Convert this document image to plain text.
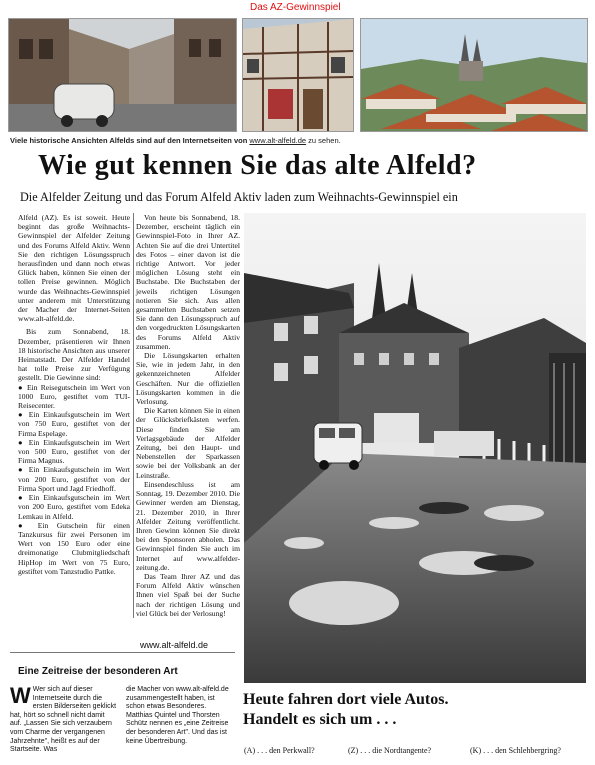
Das AZ-Gewinnspiel
Viele historische Ansichten Alfelds sind auf den Internetseiten von www.alt-alfeld.de zu sehen.
Wie gut kennen Sie das alte Alfeld?
Die Alfelder Zeitung und das Forum Alfeld Aktiv laden zum Weihnachts-Gewinnspiel ein

Alfeld (AZ). Es ist soweit. Heute beginnt das große Weihnachts-Gewinnspiel der Alfelder Zeitung und des Forums Alfeld Aktiv. Wenn Sie den richtigen Lösungsspruch herausfinden und dann noch etwas Glück haben, können Sie einen der tollen Preise gewinnen. Möglich wurde das Weihnachts-Gewinnspiel unter anderem mit Unterstützung der Macher der Internet-Seiten www.alt-alfeld.de.

Bis zum Sonnabend, 18. Dezember, präsentieren wir Ihnen 18 historische Ansichten aus unserer Heimatstadt. Der Alfelder Handel hat tolle Preise zur Verfügung gestellt. Die Gewinne sind:

● Ein Reisegutschein im Wert von 1000 Euro, gestiftet vom TUI-Reisecenter.
● Ein Einkaufsgutschein im Wert von 750 Euro, gestiftet von der Firma Espelage.
● Ein Einkaufsgutschein im Wert von 500 Euro, gestiftet von der Firma Magnus.
● Ein Einkaufsgutschein im Wert von 200 Euro, gestiftet von der Firma Sport und Jagd Friedhoff.
● Ein Einkaufsgutschein im Wert von 200 Euro, gestiftet vom Edeka Lemkau in Alfeld.
● Ein Gutschein für einen Tanzkursus für zwei Personen im Wert von 150 Euro oder eine dreimonatige Clubmitgliedschaft HipHop im Wert von 75 Euro, gestiftet vom Tanzstudio Pattke.

Von heute bis Sonnabend, 18. Dezember, erscheint täglich ein Gewinnspiel-Foto in Ihrer AZ. Achten Sie auf die drei Untertitel des Fotos – einer davon ist die richtige Antwort. Vor jeder möglichen Lösung steht ein Buchstabe. Die Buchstaben der jeweils richtigen Lösungen notieren Sie sich. Aus allen gesammelten Buchstaben setzen Sie dann den Lösungsspruch auf den vorgedruckten Lösungskarten des Forums Alfeld Aktiv zusammen.

Die Lösungskarten erhalten Sie, wie in jedem Jahr, in den gekennzeichneten Alfelder Geschäften. Nur die offiziellen Lösungskarten kommen in die Verlosung.

Die Karten können Sie in einen der Glücksbriefkästen werfen. Diese finden Sie am Verlagsgebäude der Alfelder Zeitung, bei den Haupt- und Nebenstellen der Sparkassen sowie bei der Volksbank an der Leinstraße.

Einsendeschluss ist am Sonntag, 19. Dezember 2010. Die Gewinner werden am Dienstag, 21. Dezember 2010, in Ihrer Alfelder Zeitung veröffentlicht. Ihren Gewinn können Sie direkt bei den Sponsoren abholen. Das Gewinnspiel finden Sie auch im Internet auf www.alfelder-zeitung.de.

Das Team Ihrer AZ und das Forum Alfeld Aktiv wünschen Ihnen viel Spaß bei der Suche nach der richtigen Lösung und viel Glück bei der Verlosung!

www.alt-alfeld.de
Eine Zeitreise der besonderen Art
W Wer sich auf dieser Internetseite durch die ersten Bilderseiten geklickt hat, hört so schnell nicht damit auf. „Lassen Sie sich verzaubern vom Charme der vergangenen Jahrzehnte", heißt es auf der Startseite. Was
die Macher von www.alt-alfeld.de zusammengestellt haben, ist schon etwas Besonderes. Matthias Quintel und Thorsten Schütz nennen es „eine Zeitreise der besonderen Art". Und das ist keine Übertreibung.
Heute fahren dort viele Autos.
Handelt es sich um . . .
(A) . . . den Perkwall?	(Z) . . . die Nordtangente?	(K) . . . den Schlehbergring?
